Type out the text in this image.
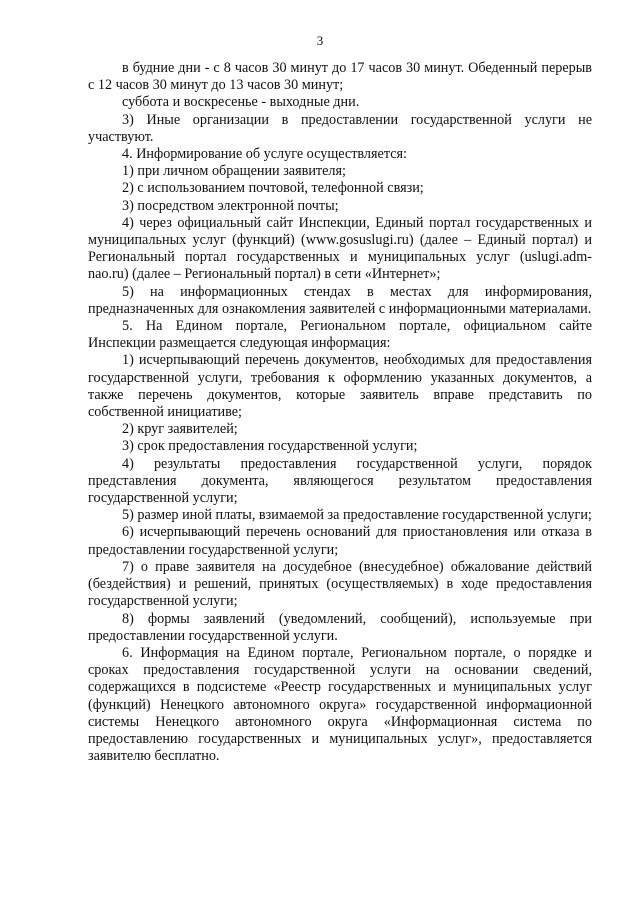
3

в будние дни - с 8 часов 30 минут до 17 часов 30 минут. Обеденный перерыв с 12 часов 30 минут до 13 часов 30 минут;

суббота и воскресенье - выходные дни.

3) Иные организации в предоставлении государственной услуги не участвуют.

4. Информирование об услуге осуществляется:

1) при личном обращении заявителя;

2) с использованием почтовой, телефонной связи;

3) посредством электронной почты;

4) через официальный сайт Инспекции, Единый портал государственных и муниципальных услуг (функций) (www.gosuslugi.ru) (далее – Единый портал) и Региональный портал государственных и муниципальных услуг (uslugi.adm-nao.ru) (далее – Региональный портал) в сети «Интернет»;

5) на информационных стендах в местах для информирования, предназначенных для ознакомления заявителей с информационными материалами.

5. На Едином портале, Региональном портале, официальном сайте Инспекции размещается следующая информация:

1) исчерпывающий перечень документов, необходимых для предоставления государственной услуги, требования к оформлению указанных документов, а также перечень документов, которые заявитель вправе представить по собственной инициативе;

2) круг заявителей;

3) срок предоставления государственной услуги;

4) результаты предоставления государственной услуги, порядок представления документа, являющегося результатом предоставления государственной услуги;

5) размер иной платы, взимаемой за предоставление государственной услуги;

6) исчерпывающий перечень оснований для приостановления или отказа в предоставлении государственной услуги;

7) о праве заявителя на досудебное (внесудебное) обжалование действий (бездействия) и решений, принятых (осуществляемых) в ходе предоставления государственной услуги;

8) формы заявлений (уведомлений, сообщений), используемые при предоставлении государственной услуги.

6. Информация на Едином портале, Региональном портале, о порядке и сроках предоставления государственной услуги на основании сведений, содержащихся в подсистеме «Реестр государственных и муниципальных услуг (функций) Ненецкого автономного округа» государственной информационной системы Ненецкого автономного округа «Информационная система по предоставлению государственных и муниципальных услуг», предоставляется заявителю бесплатно.
